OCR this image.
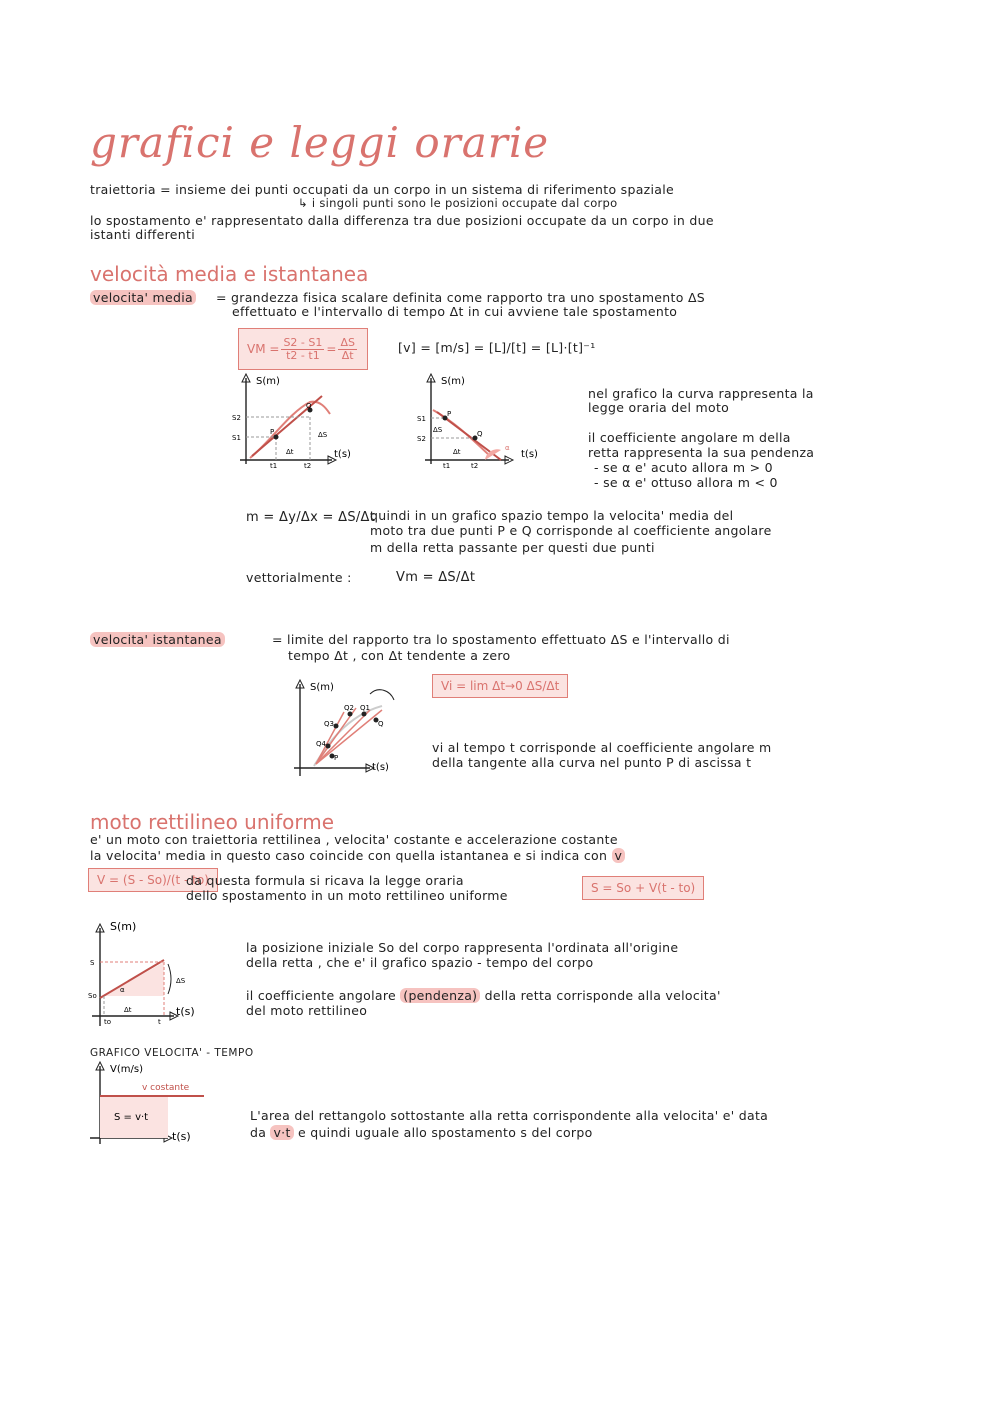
grafici e leggi orarie
traiettoria = insieme dei punti occupati da un corpo in un sistema di riferimento spaziale
↳ i singoli punti sono le posizioni occupate dal corpo
lo spostamento e' rappresentato dalla differenza tra due posizioni occupate da un corpo in due
istanti differenti
velocità media e istantanea
velocita' media = grandezza fisica scalare definita come rapporto tra uno spostamento ΔS
effettuato e l'intervallo di tempo Δt in cui avviene tale spostamento
VM = $\frac{S2 - S1}{t2 - t1} = \frac{\Delta S}{\Delta t}$	[v] = [m/s] = [L]/[t] = [L]·[t]⁻¹
S2
S1
S(m)
t(s)
P
Q
ΔS
Δt
t1	t2
S1
S2
S(m)
t(s)
P
Q
ΔS
Δt	α
t1	t2
nel grafico la curva rappresenta la
legge oraria del moto
il coefficiente angolare m della
retta rappresenta la sua pendenza
- se α e' acuto allora m > 0
- se α e' ottuso allora m < 0
m = Δy/Δx = ΔS/Δt
quindi in un grafico spazio tempo la velocita' media del
moto tra due punti P e Q corrisponde al coefficiente angolare
m della retta passante per questi due punti
vettorialmente :	Vm = ΔS/Δt
velocita' istantanea	= limite del rapporto tra lo spostamento effettuato ΔS e l'intervallo di
tempo Δt , con Δt tendente a zero
Vi = lim Δt→0 ΔS/Δt
S(m)
t(s)
Q4
Q3
Q2 Q1
Q
P
vi al tempo t corrisponde al coefficiente angolare m
della tangente alla curva nel punto P di ascissa t
moto rettilineo uniforme
e' un moto con traiettoria rettilinea , velocita' costante e accelerazione costante
la velocita' media in questo caso coincide con quella istantanea e si indica con v
V = (S - So)/(t - to)
da questa formula si ricava la legge oraria
dello spostamento in un moto rettilineo uniforme	S = So + V(t - to)
S(m)
t(s)
S
So
ΔS
Δt
α
to	t
la posizione iniziale So del corpo rappresenta l'ordinata all'origine
della retta , che e' il grafico spazio - tempo del corpo
il coefficiente angolare (pendenza) della retta corrisponde alla velocita'
del moto rettilineo
GRAFICO VELOCITA' - TEMPO
V(m/s)
t(s)
v costante
S = v·t	L'area del rettangolo sottostante alla retta corrispondente alla velocita' e' data
da v·t e quindi uguale allo spostamento s del corpo
